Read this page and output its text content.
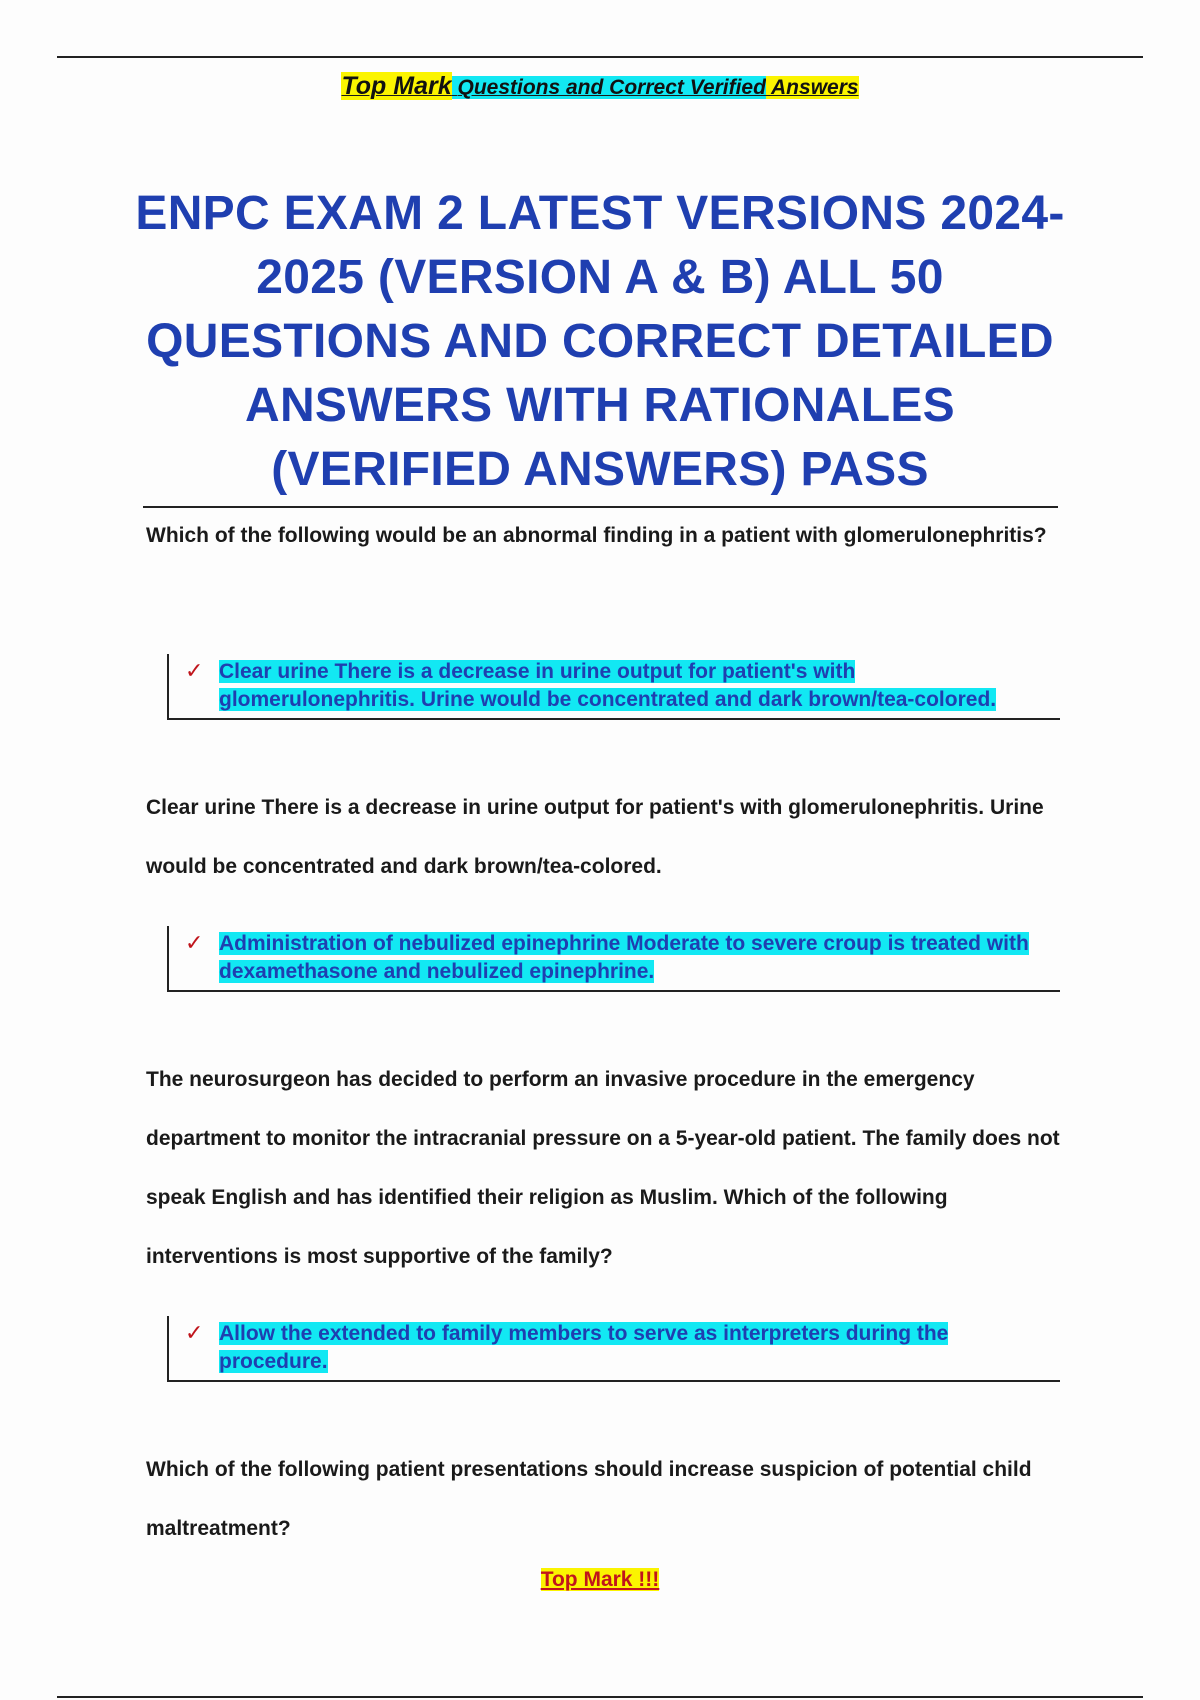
Top Mark Questions and Correct Verified Answers
ENPC EXAM 2 LATEST VERSIONS 2024-2025 (VERSION A & B) ALL 50 QUESTIONS AND CORRECT DETAILED ANSWERS WITH RATIONALES (VERIFIED ANSWERS) PASS
Which of the following would be an abnormal finding in a patient with glomerulonephritis?
✓ Clear urine There is a decrease in urine output for patient's with glomerulonephritis. Urine would be concentrated and dark brown/tea-colored.
Clear urine There is a decrease in urine output for patient's with glomerulonephritis. Urine would be concentrated and dark brown/tea-colored.
✓ Administration of nebulized epinephrine Moderate to severe croup is treated with dexamethasone and nebulized epinephrine.
The neurosurgeon has decided to perform an invasive procedure in the emergency department to monitor the intracranial pressure on a 5-year-old patient. The family does not speak English and has identified their religion as Muslim. Which of the following interventions is most supportive of the family?
✓ Allow the extended to family members to serve as interpreters during the procedure.
Which of the following patient presentations should increase suspicion of potential child maltreatment?
Top Mark !!!
